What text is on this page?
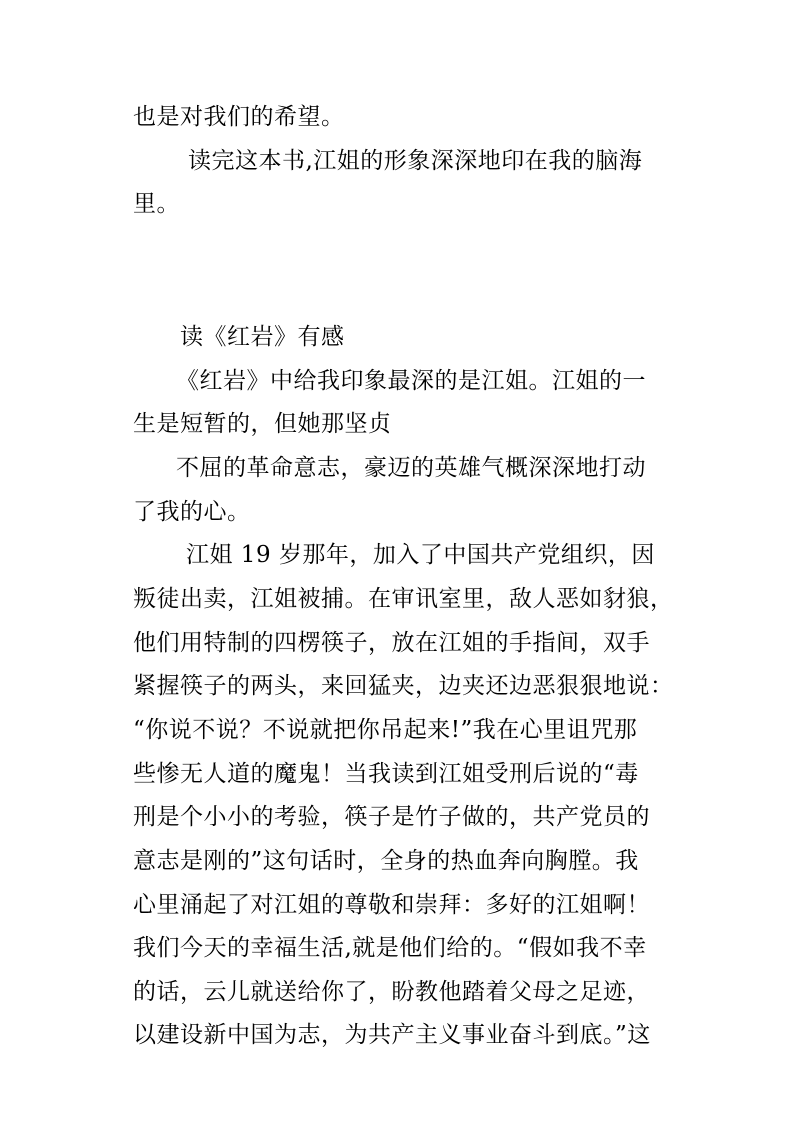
也是对我们的希望。
读完这本书,江姐的形象深深地印在我的脑海
里。
读《红岩》有感
《红岩》中给我印象最深的是江姐。江姐的一
生是短暂的，但她那坚贞
不屈的革命意志，豪迈的英雄气概深深地打动
了我的心。
江姐 19 岁那年，加入了中国共产党组织，因
叛徒出卖，江姐被捕。在审讯室里，敌人恶如豺狼，
他们用特制的四楞筷子，放在江姐的手指间，双手
紧握筷子的两头，来回猛夹，边夹还边恶狠狠地说：
“你说不说？不说就把你吊起来!”我在心里诅咒那
些惨无人道的魔鬼！当我读到江姐受刑后说的“毒
刑是个小小的考验，筷子是竹子做的，共产党员的
意志是刚的”这句话时，全身的热血奔向胸膛。我
心里涌起了对江姐的尊敬和崇拜：多好的江姐啊！
我们今天的幸福生活,就是他们给的。“假如我不幸
的话，云儿就送给你了，盼教他踏着父母之足迹，
以建设新中国为志，为共产主义事业奋斗到底。”这
